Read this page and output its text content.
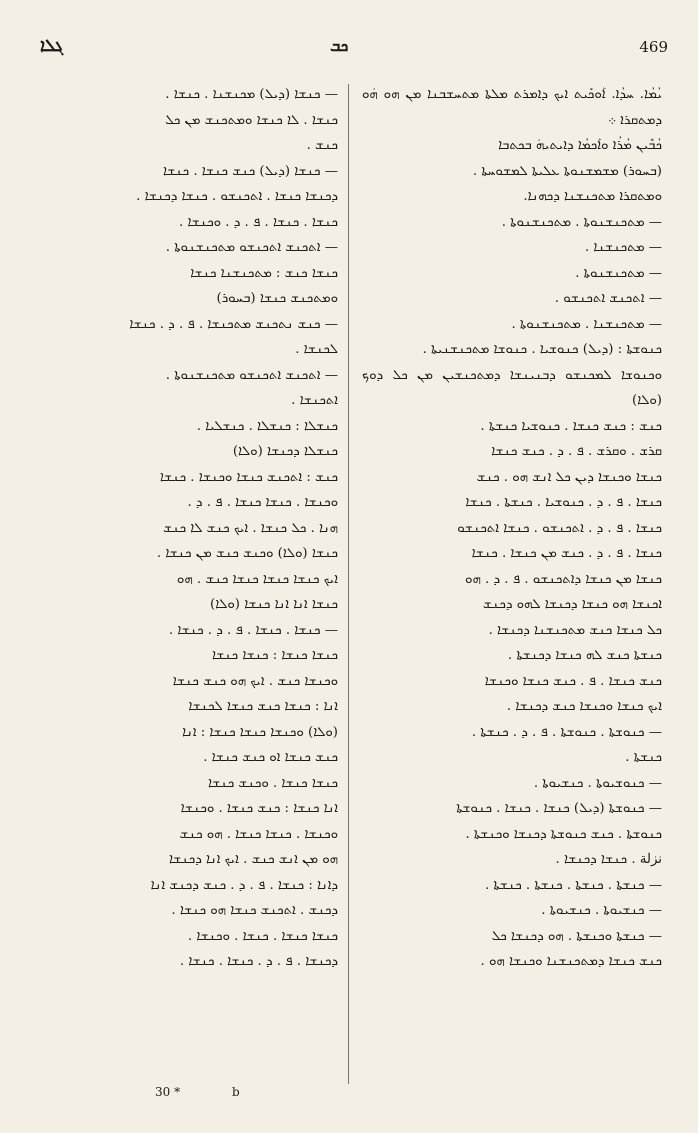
ܓܠܐ	ܟܒ	469

ܝܳܡܳܐ. ܚܕܳܐ. ܐܰܘܟܺܝܬ ܐܝܟ ܕܐܡܪܬ ܡܠܬܐ ܡܬܚܫܒܢܐ ܡܢ ܗܘ ܗܿܘ ܕܡܬܩܪܐ ܀

ܟܳܒܶܝܢ ܡܳܪܳܐ ܘܐܰܟܡܳܐ ܕܐܝܬܝܗܿ ܒܟܬܒܐ

(ܒܚܘܪ) ܡܫܡܫܢܘܬܐ ܥܠܝܬܐ ܠܡܫܘܚܬܐ .

ܘܡܬܩܪܐ ܡܬܟܢܫܢܐ ܕܟܗܢܐ.

— ܡܬܟܢܫܢܘܬܐ . ܡܬܟܢܫܢܘܬܐ .

— ܡܬܟܢܫܢܐ .

— ܡܬܟܢܫܢܘܬܐ .

— ܐܬܟܢܫ ܐܬܟܢܫܘ .

— ܡܬܟܢܫܢܐ . ܡܬܟܢܫܢܘܬܐ .

ܟܢܘܫܬܐ : (ܕܝܠ) ܟܢܘܫܝܐ . ܟܢܘܫܐ ܡܬܟܢܫܢܝܬܐ .

ܘܟܢܘܫܐ ܠܡܟܢܫܘ ܕܒܢܝܢܫܐ ܕܡܬܟܢܫܝܢ ܡܢ ܟܠ ܕܘܟ (ܘܠܐ)

ܟܢܫ : ܟܢܫ ܟܢܫܐ . ܟܢܘܫܝܐ ܟܢܫܬܐ .

ܩܪܫ . ܘܩܪܫ . ܦ . ܕ . ܟܢܫ ܟܢܫܐ

ܟܢܫܐ ܘܟܢܫܐ ܕܝܢ ܟܠ ܐܢܫ ܗܘ . ܟܢܫ

ܟܢܫܐ . ܦ . ܕ . ܟܢܘܫܝܐ . ܟܢܫܬܐ . ܟܢܫܐ

ܟܢܫܐ . ܦ . ܕ . ܐܬܟܢܫܘ . ܟܢܫܐ ܐܬܟܢܫܘ

ܟܢܫܐ . ܦ . ܕ . ܟܢܫ ܡܢ ܟܢܫܐ . ܟܢܫܐ

ܟܢܫܐ ܡܢ ܟܢܫܐ ܕܐܬܟܢܫܘ . ܦ . ܕ . ܗܘ

ܐܟܢܫܐ ܗܘ ܟܢܫܐ ܕܟܢܫܐ ܠܗܘ ܕܟܢܫ

ܟܠ ܟܢܫܐ ܟܢܫ ܡܬܟܢܫܢܐ ܕܟܢܫܐ .

ܟܢܫܬܐ ܟܢܫ ܠܗ ܟܢܫܐ ܕܟܢܫܬܐ .

ܟܢܫ ܟܢܫܐ . ܦ . ܟܢܫ ܟܢܫܐ ܘܟܢܫܐ

ܐܝܟ ܟܢܫܐ ܘܟܢܫܐ ܟܢܫ ܕܟܢܫܐ .

— ܟܢܘܫܬܐ . ܟܢܘܫܬܐ . ܦ . ܕ . ܟܢܫܬܐ .

ܟܢܫܬܐ .

— ܟܢܘܫܝܘܬܐ . ܟܢܫܝܘܬܐ .

— ܟܢܘܫܬܐ (ܕܝܠ) ܟܢܫܐ . ܟܢܫܐ . ܟܢܘܫܬܐ

ܟܢܘܫܬܐ . ܟܢܫ ܟܢܘܫܬܐ ܕܟܢܫܐ ܘܟܢܫܬܐ .

نزلة . ܟܢܫܐ ܕܟܢܫܐ .

— ܟܢܫܬܐ . ܟܢܫܬܐ . ܟܢܫܬܐ . ܟܢܫܬܐ .

— ܟܢܫܝܘܬܐ . ܟܢܫܝܘܬܐ .

— ܟܢܫܬܐ ܘܟܢܫܬܐ . ܗܘ ܕܟܢܫܐ ܟܠ

ܟܢܫ ܟܢܫܐ ܕܡܬܟܢܫܢܐ ܘܟܢܫܐ ܗܘ .

— ܟܢܫܐ (ܕܝܠ) ܡܟܢܫܢܐ . ܟܢܫܐ .

ܟܢܫܐ . ܠܐ ܟܢܫܐ ܘܡܬܟܢܫ ܡܢ ܟܠ

ܟܢܫ .

— ܟܢܫܐ (ܕܝܠ) ܟܢܫ ܟܢܫܐ . ܟܢܫܐ

ܕܟܢܫܐ ܟܢܫܐ . ܐܬܟܢܫܘ . ܟܢܫܐ ܕܟܢܫܐ .

ܟܢܫܐ . ܟܢܫܐ . ܦ . ܕ . ܘܟܢܫܐ .

— ܐܬܟܢܫ ܐܬܟܢܫܘ ܡܬܟܢܫܢܘܬܐ .

ܟܢܫܐ ܟܢܫ : ܡܬܟܢܫܢܐ ܟܢܫܐ

ܘܡܬܟܢܫ ܟܢܫܐ (ܒܚܘܪ)

— ܟܢܫ ܢܬܟܢܫ ܡܬܟܢܫܐ . ܦ . ܕ . ܟܢܫܐ

ܠܟܢܫܐ .

— ܐܬܟܢܫ ܐܬܟܢܫܘ ܡܬܟܢܫܢܘܬܐ .

ܐܬܟܢܫܐ .

ܟܢܫܠܐ : ܟܢܫܠܐ . ܟܢܫܠܝܐ .

ܟܢܫܠܐ ܕܟܢܫܐ (ܘܠܐ)

ܟܢܫ : ܐܬܟܢܫ ܟܢܫܐ ܘܟܢܫܐ . ܟܢܫܐ

ܘܟܢܫܐ . ܟܢܫܐ ܟܢܫܐ . ܦ . ܕ .

ܗܢܐ . ܟܠ ܟܢܫܐ . ܐܝܟ ܟܢܫ ܠܐ ܟܢܫ

ܟܢܫܐ (ܘܠܐ) ܘܟܢܫ ܟܢܫ ܡܢ ܟܢܫܐ .

ܐܝܟ ܟܢܫܐ ܟܢܫܐ ܟܢܫܐ ܟܢܫ . ܗܘ

ܟܢܫܐ ܐܢܐ ܐܢܐ ܟܢܫܐ (ܘܠܐ)

— ܟܢܫܐ . ܟܢܫܐ . ܦ . ܕ . ܟܢܫܐ .

ܟܢܫܐ ܟܢܫܐ : ܟܢܫܐ ܟܢܫܐ

ܘܟܢܫܐ ܟܢܫ . ܐܝܟ ܗܘ ܟܢܫ ܟܢܫܐ

ܐܢܐ : ܟܢܫܐ ܟܢܫ ܟܢܫܐ ܠܟܢܫܐ

(ܘܠܐ) ܘܟܢܫܐ ܟܢܫܐ ܟܢܫܐ : ܐܢܐ

ܟܢܫ ܟܢܫܐ ܐܘ ܟܢܫ ܟܢܫܐ .

ܟܢܫܐ ܟܢܫܐ . ܘܟܢܫ ܟܢܫܐ

ܐܢܐ ܟܢܫܐ : ܟܢܫ ܟܢܫܐ . ܘܟܢܫܐ

ܘܟܢܫܐ . ܟܢܫܐ ܟܢܫܐ . ܗܘ ܟܢܫ

ܗܘ ܡܢ ܐܢܫ ܟܢܫ . ܐܝܟ ܐܢܐ ܕܟܢܫܐ

ܕܐܢܐ : ܟܢܫܐ . ܦ . ܕ . ܟܢܫ ܕܟܢܫ ܐܢܐ

ܕܟܢܫ . ܐܬܟܢܫ ܟܢܫܐ ܗܘ ܟܢܫܐ .

ܟܢܫܐ ܟܢܫܐ . ܟܢܫܐ . ܘܟܢܫܐ .

ܕܟܢܫܐ . ܦ . ܕ . ܟܢܫܐ . ܟܢܫܐ .

30 *	b
